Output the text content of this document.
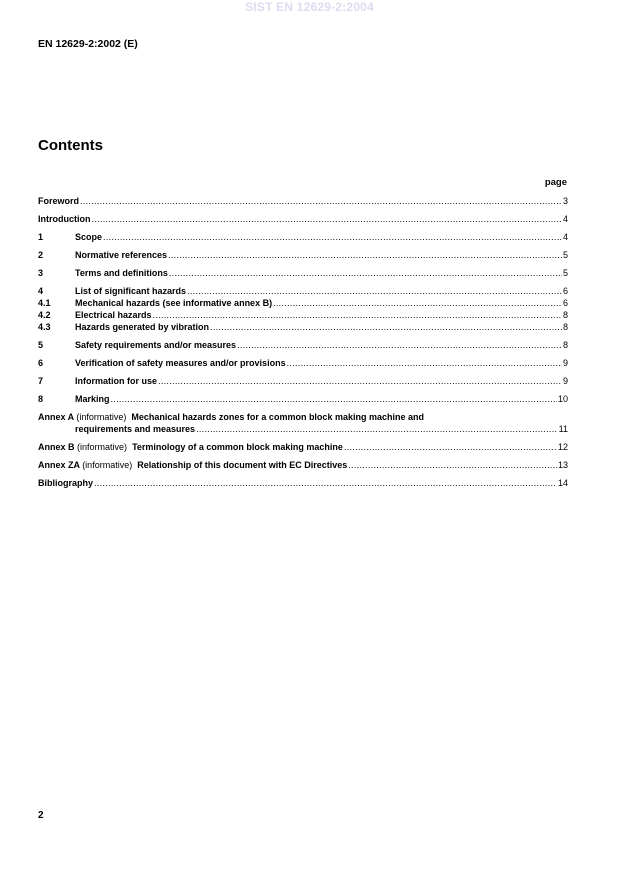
SIST EN 12629-2:2004
EN 12629-2:2002 (E)
Contents
page
Foreword .....	3
Introduction .....	4
1	Scope .....	4
2	Normative references .....	5
3	Terms and definitions .....	5
4	List of significant hazards .....	6
4.1	Mechanical hazards (see informative annex B) .....	6
4.2	Electrical hazards .....	8
4.3	Hazards generated by vibration .....	8
5	Safety requirements and/or measures .....	8
6	Verification of safety measures and/or provisions .....	9
7	Information for use .....	9
8	Marking .....	10
Annex A (informative) Mechanical hazards zones for a common block making machine and
requirements and measures .....	11
Annex B (informative) Terminology of a common block making machine .....	12
Annex ZA (informative) Relationship of this document with EC Directives .....	13
Bibliography .....	14
2
